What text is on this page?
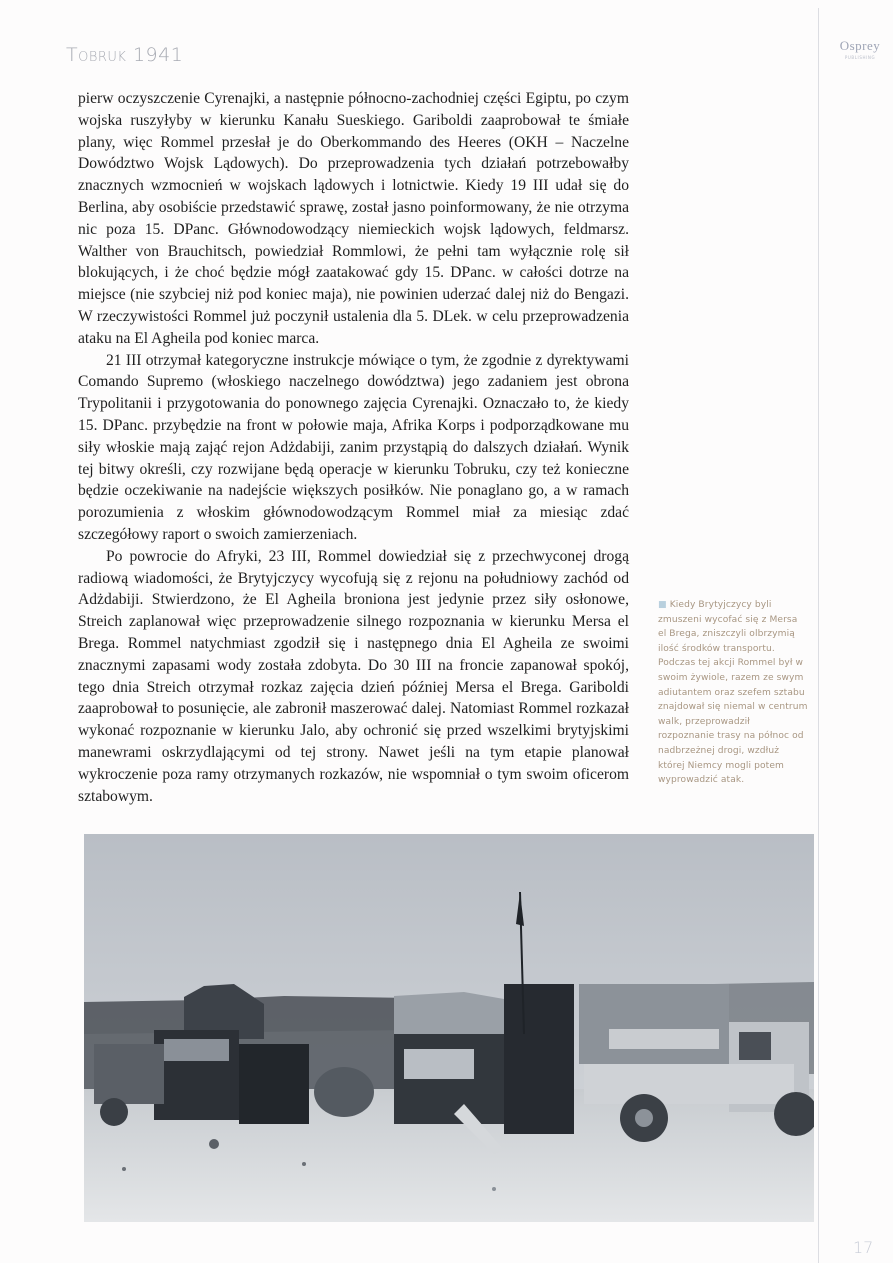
Tobruk 1941	Osprey
PUBLISHING

pierw oczyszczenie Cyrenajki, a następnie północno-zachodniej części Egiptu, po czym wojska ruszyłyby w kierunku Kanału Sueskiego. Gariboldi zaaprobował te śmiałe plany, więc Rommel przesłał je do Oberkommando des Heeres (OKH – Naczelne Dowództwo Wojsk Lądowych). Do przeprowadzenia tych działań potrzebowałby znacznych wzmocnień w wojskach lądowych i lotnictwie. Kiedy 19 III udał się do Berlina, aby osobiście przedstawić sprawę, został jasno poinformowany, że nie otrzyma nic poza 15. DPanc. Głównodowodzący niemieckich wojsk lądowych, feldmarsz. Walther von Brauchitsch, powiedział Rommlowi, że pełni tam wyłącznie rolę sił blokujących, i że choć będzie mógł zaatakować gdy 15. DPanc. w całości dotrze na miejsce (nie szybciej niż pod koniec maja), nie powinien uderzać dalej niż do Bengazi. W rzeczywistości Rommel już poczynił ustalenia dla 5. DLek. w celu przeprowadzenia ataku na El Agheila pod koniec marca.

21 III otrzymał kategoryczne instrukcje mówiące o tym, że zgodnie z dyrektywami Comando Supremo (włoskiego naczelnego dowództwa) jego zadaniem jest obrona Trypolitanii i przygotowania do ponownego zajęcia Cyrenajki. Oznaczało to, że kiedy 15. DPanc. przybędzie na front w połowie maja, Afrika Korps i podporządkowane mu siły włoskie mają zająć rejon Adżdabiji, zanim przystąpią do dalszych działań. Wynik tej bitwy określi, czy rozwijane będą operacje w kierunku Tobruku, czy też konieczne będzie oczekiwanie na nadejście większych posiłków. Nie ponaglano go, a w ramach porozumienia z włoskim głównodowodzącym Rommel miał za miesiąc zdać szczegółowy raport o swoich zamierzeniach.

Po powrocie do Afryki, 23 III, Rommel dowiedział się z przechwyconej drogą radiową wiadomości, że Brytyjczycy wycofują się z rejonu na południowy zachód od Adżdabiji. Stwierdzono, że El Agheila broniona jest jedynie przez siły osłonowe, Streich zaplanował więc przeprowadzenie silnego rozpoznania w kierunku Mersa el Brega. Rommel natychmiast zgodził się i następnego dnia El Agheila ze swoimi znacznymi zapasami wody została zdobyta. Do 30 III na froncie zapanował spokój, tego dnia Streich otrzymał rozkaz zajęcia dzień później Mersa el Brega. Gariboldi zaaprobował to posunięcie, ale zabronił maszerować dalej. Natomiast Rommel rozkazał wykonać rozpoznanie w kierunku Jalo, aby ochronić się przed wszelkimi brytyjskimi manewrami oskrzydlającymi od tej strony. Nawet jeśli na tym etapie planował wykroczenie poza ramy otrzymanych rozkazów, nie wspomniał o tym swoim oficerom sztabowym.

■ Kiedy Brytyjczycy byli zmuszeni wycofać się z Mersa el Brega, zniszczyli olbrzymią ilość środków transportu. Podczas tej akcji Rommel był w swoim żywiole, razem ze swym adiutantem oraz szefem sztabu znajdował się niemal w centrum walk, przeprowadził rozpoznanie trasy na północ od nadbrzeżnej drogi, wzdłuż której Niemcy mogli potem wyprowadzić atak.
17
